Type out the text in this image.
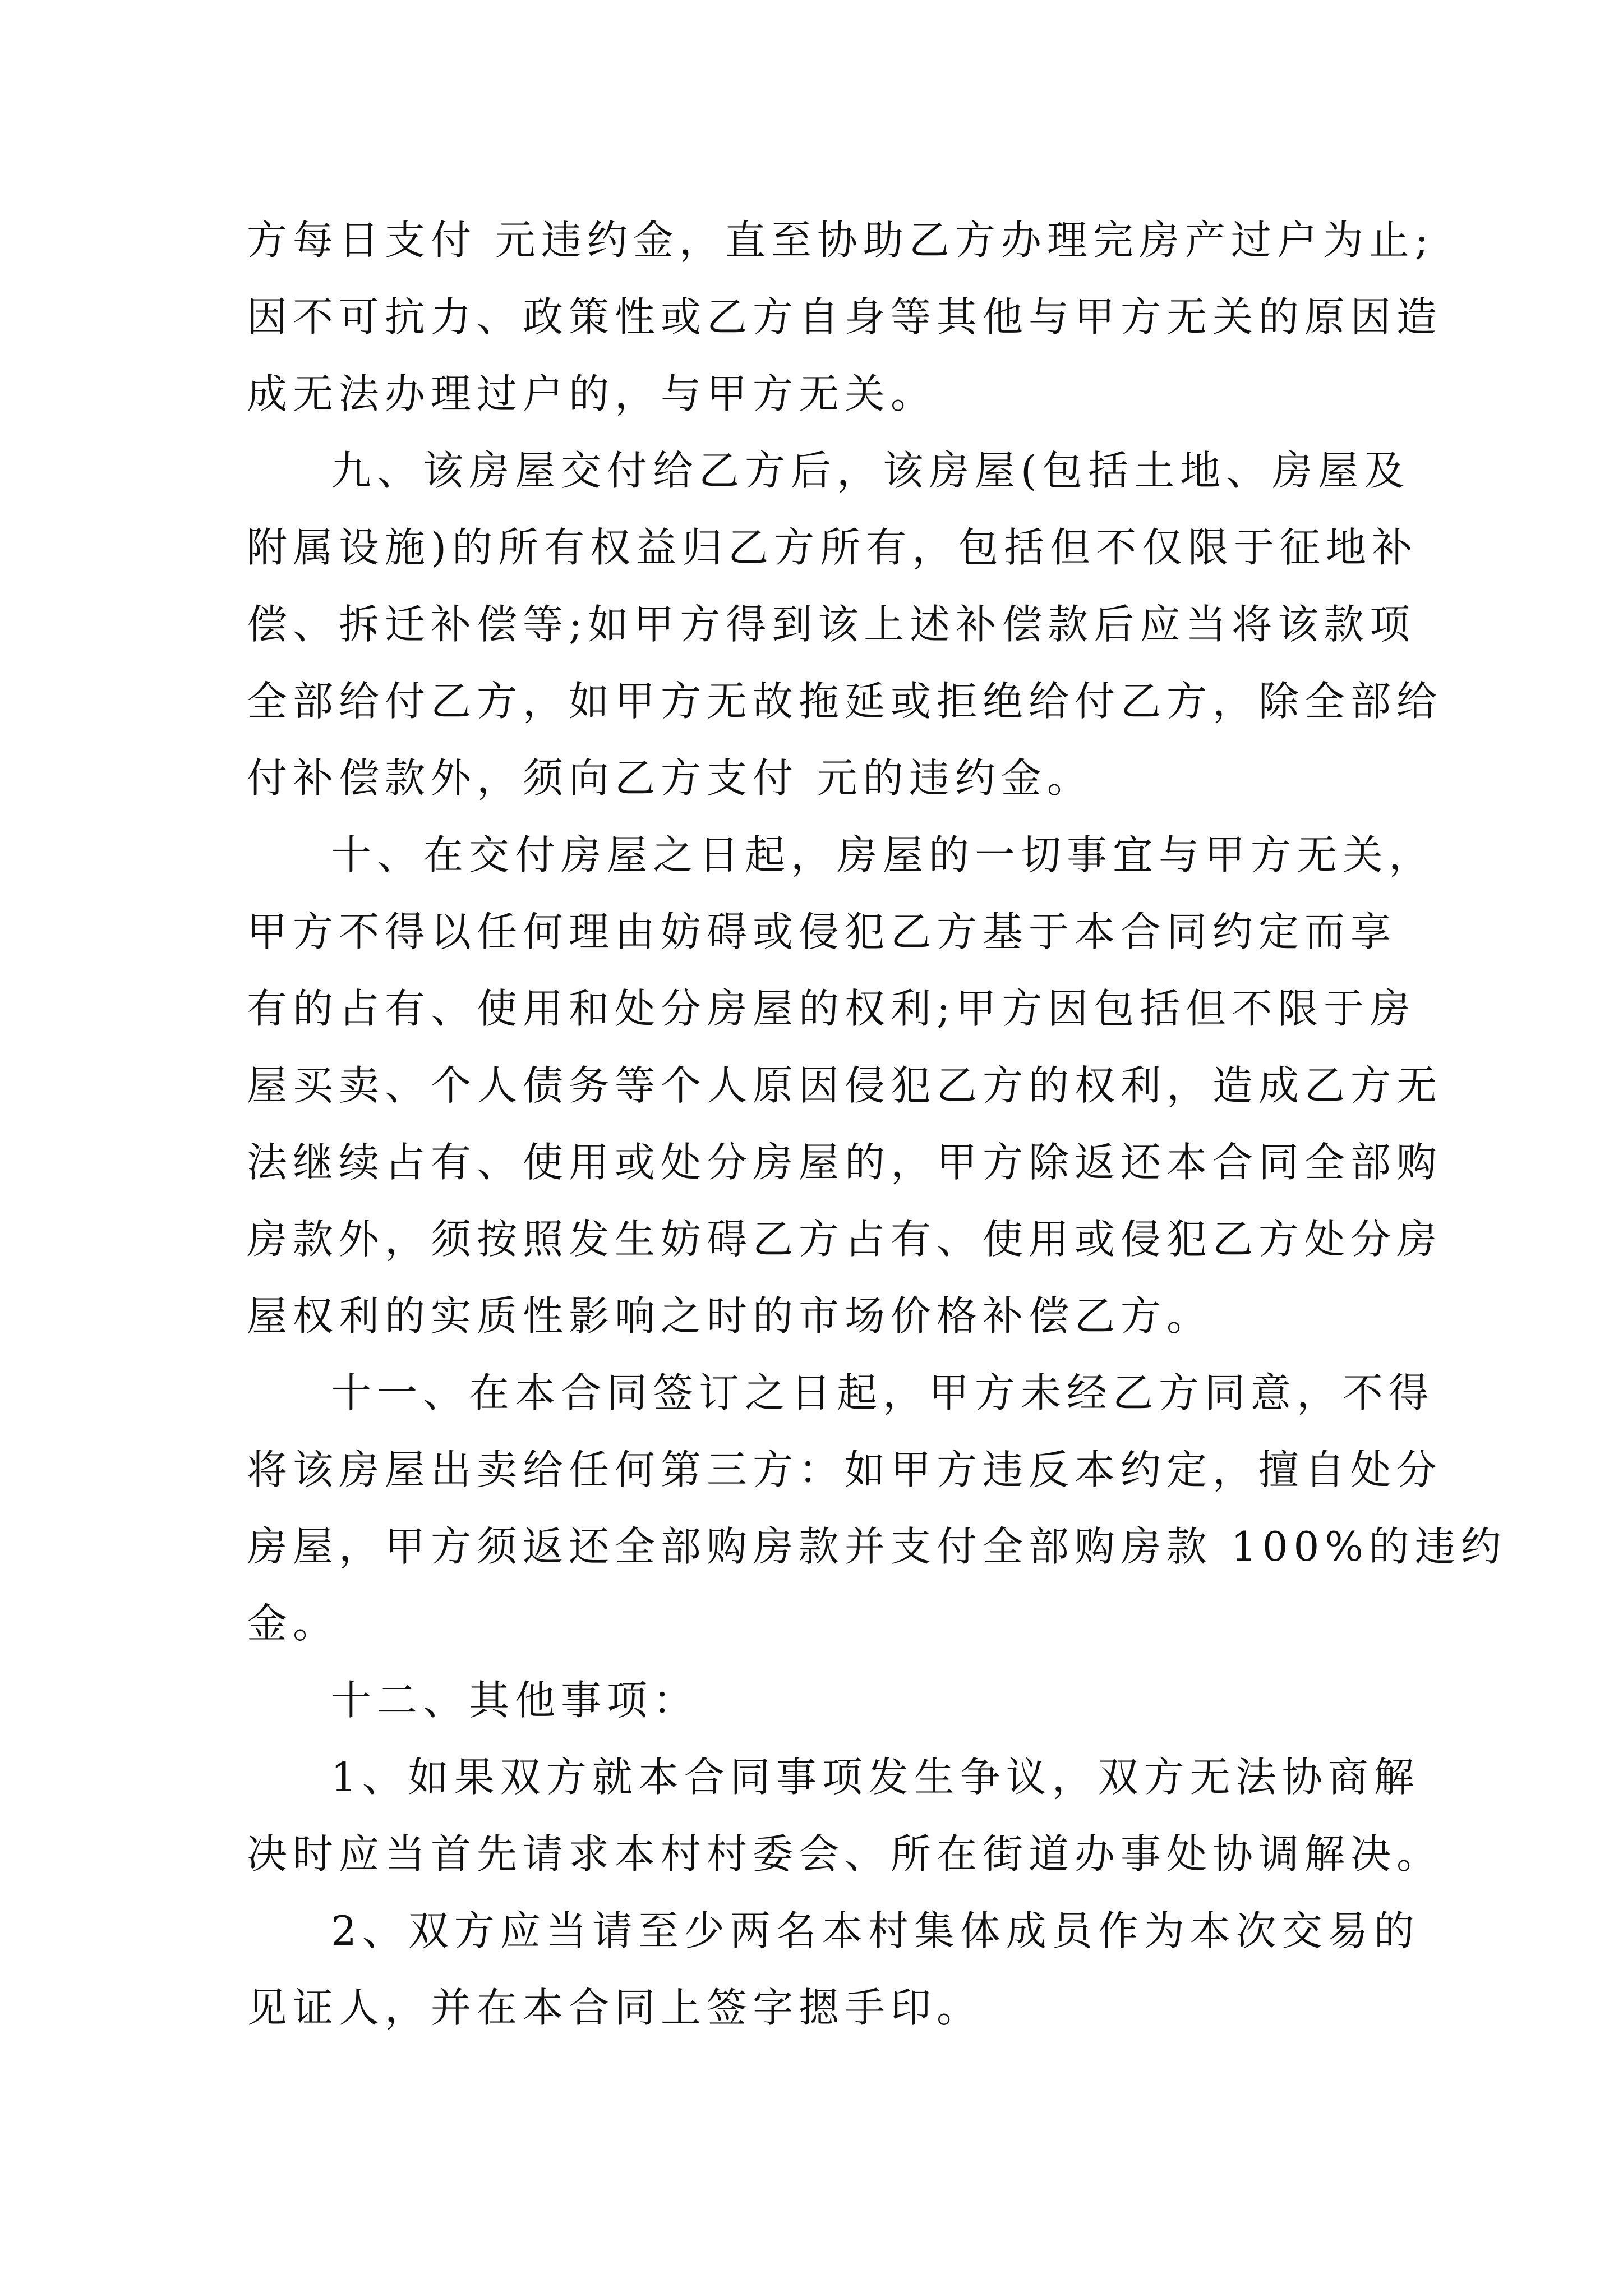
方每日支付 元违约金，直至协助乙方办理完房产过户为止;
因不可抗力、政策性或乙方自身等其他与甲方无关的原因造
成无法办理过户的，与甲方无关。
九、该房屋交付给乙方后，该房屋(包括土地、房屋及
附属设施)的所有权益归乙方所有，包括但不仅限于征地补
偿、拆迁补偿等;如甲方得到该上述补偿款后应当将该款项
全部给付乙方，如甲方无故拖延或拒绝给付乙方，除全部给
付补偿款外，须向乙方支付 元的违约金。
十、在交付房屋之日起，房屋的一切事宜与甲方无关，
甲方不得以任何理由妨碍或侵犯乙方基于本合同约定而享
有的占有、使用和处分房屋的权利;甲方因包括但不限于房
屋买卖、个人债务等个人原因侵犯乙方的权利，造成乙方无
法继续占有、使用或处分房屋的，甲方除返还本合同全部购
房款外，须按照发生妨碍乙方占有、使用或侵犯乙方处分房
屋权利的实质性影响之时的市场价格补偿乙方。
十一、在本合同签订之日起，甲方未经乙方同意，不得
将该房屋出卖给任何第三方：如甲方违反本约定，擅自处分
房屋，甲方须返还全部购房款并支付全部购房款 100%的违约
金。
十二、其他事项：
1、如果双方就本合同事项发生争议，双方无法协商解
决时应当首先请求本村村委会、所在街道办事处协调解决。
2、双方应当请至少两名本村集体成员作为本次交易的
见证人，并在本合同上签字摁手印。
